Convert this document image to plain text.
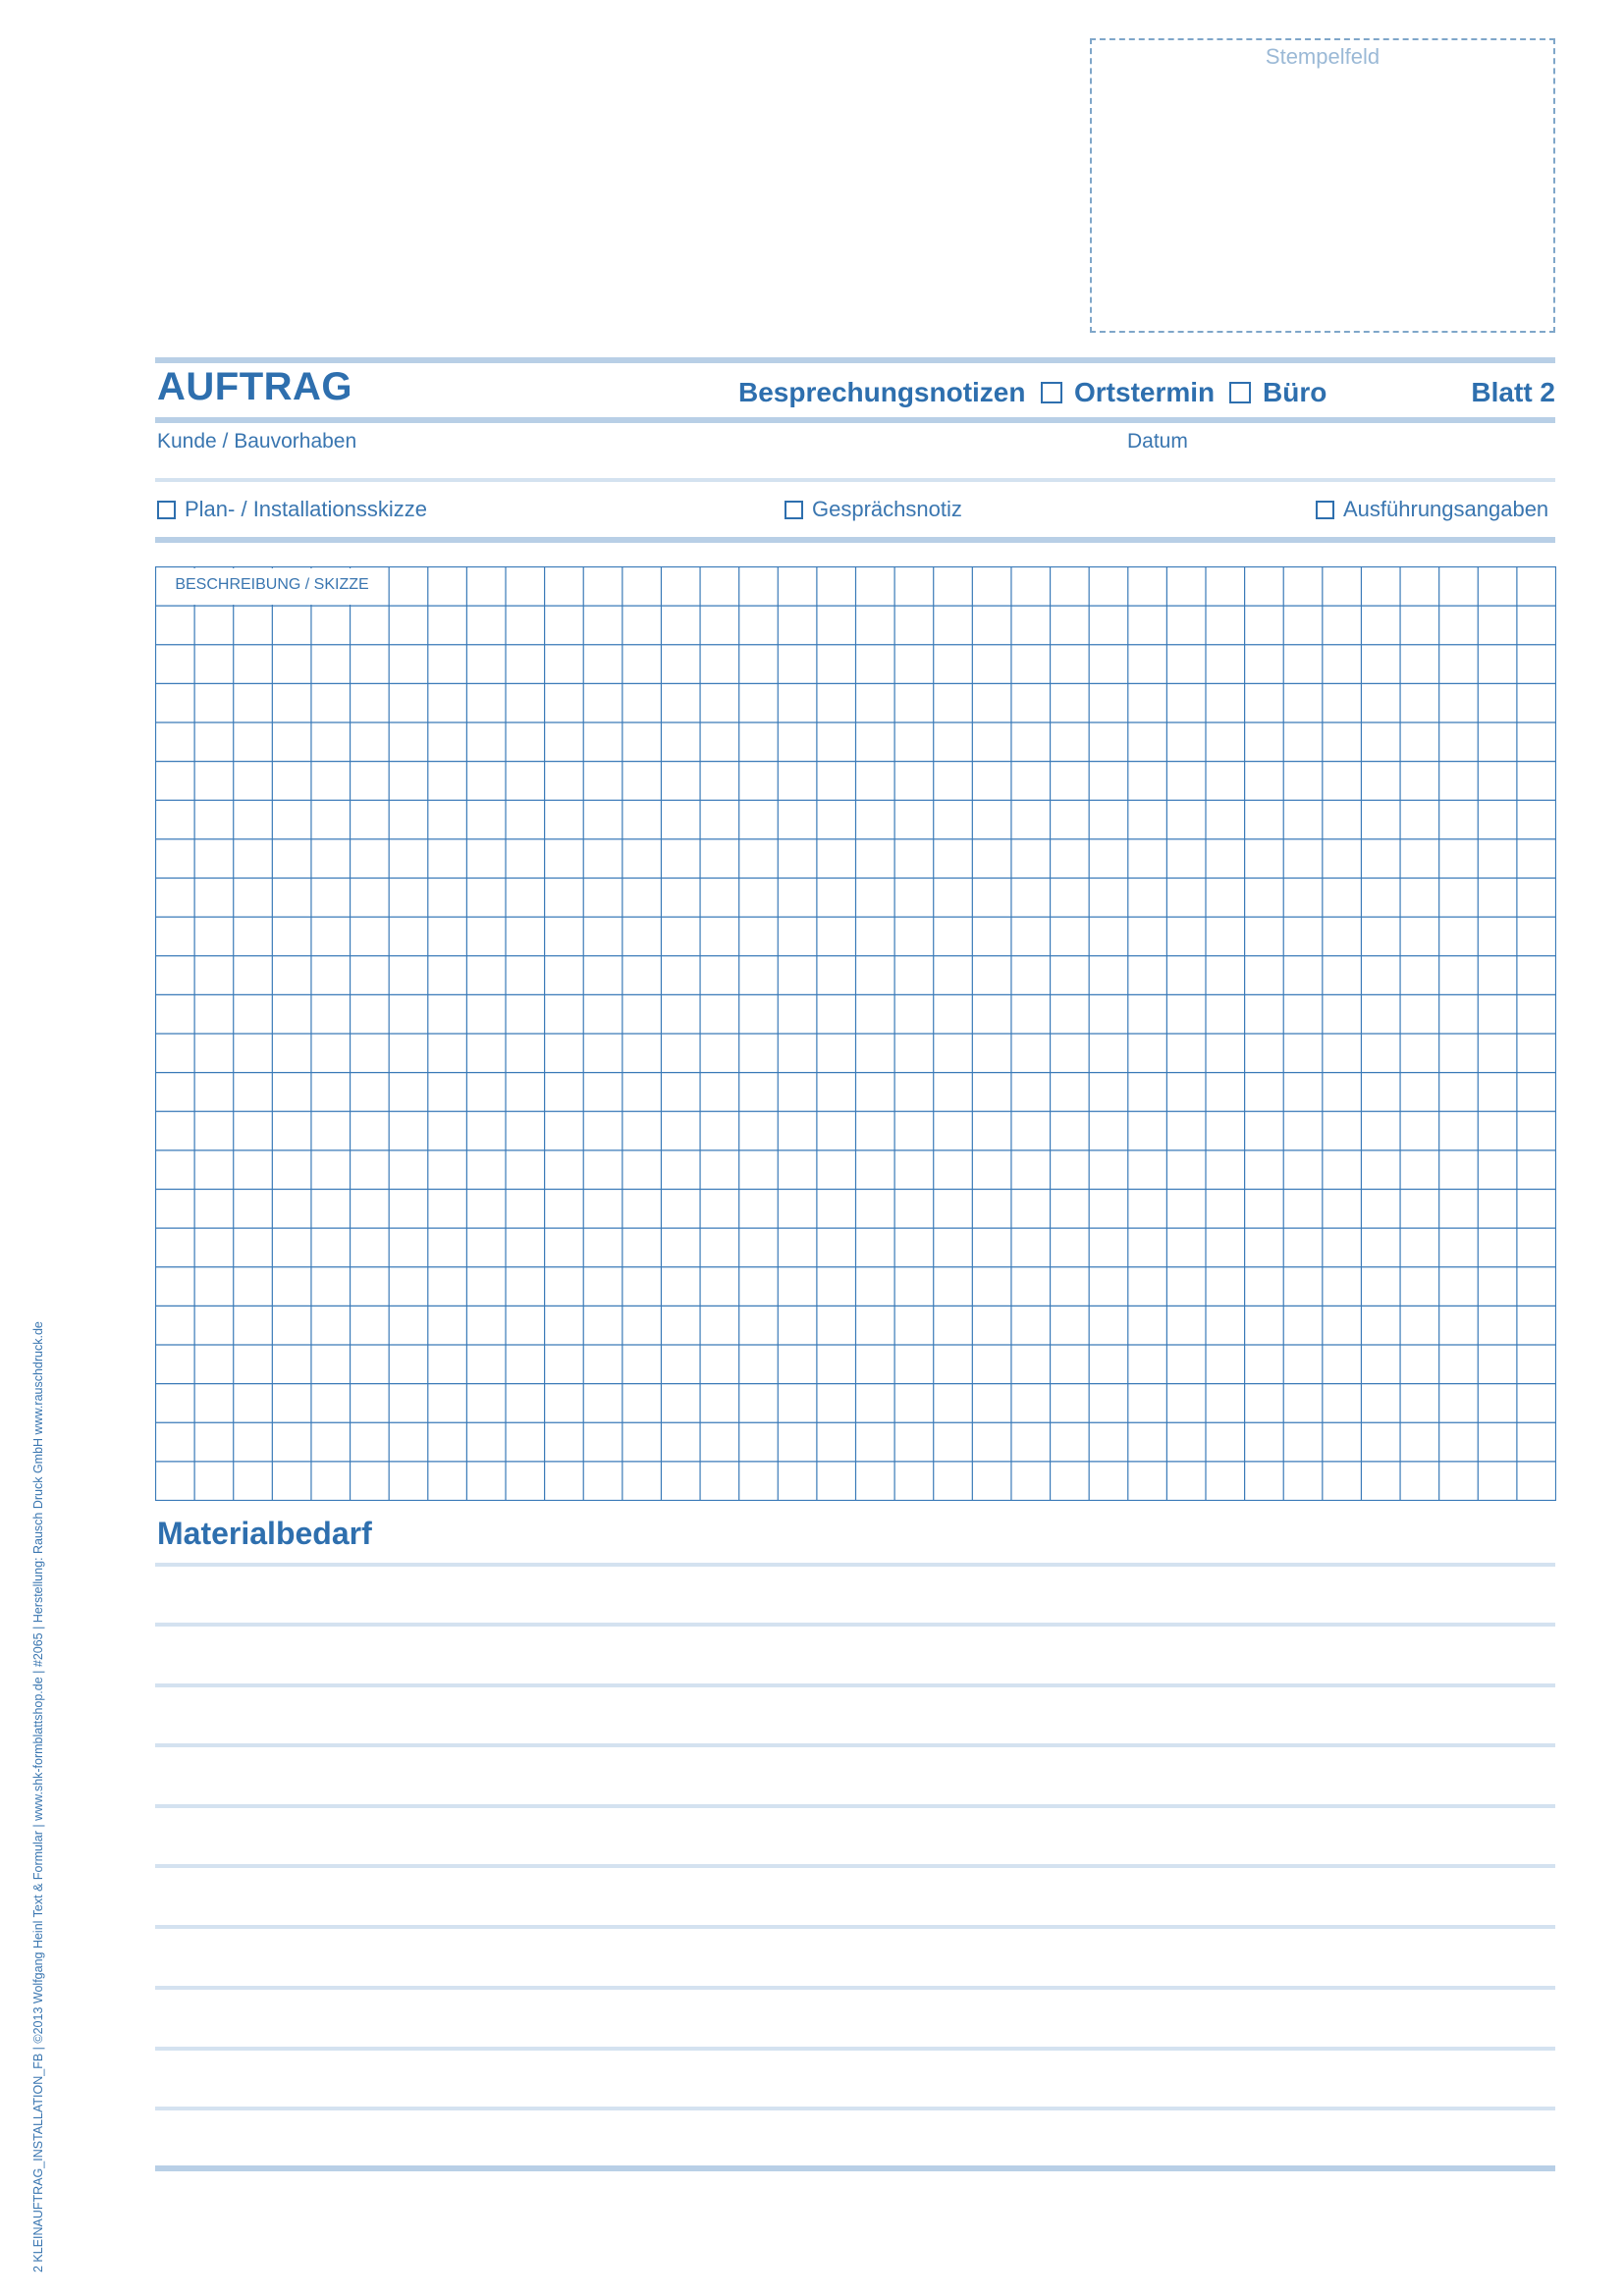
Stempelfeld
AUFTRAG	Besprechungsnotizen Ortstermin Büro	Blatt 2
Kunde / Bauvorhaben	Datum
Plan- / Installationsskizze	Gesprächsnotiz	Ausführungsangaben
BESCHREIBUNG / SKIZZE
Materialbedarf
2 KLEINAUFTRAG_INSTALLATION_FB | ©2013 Wolfgang Heinl Text & Formular | www.shk-formblattshop.de | #2065 | Herstellung: Rausch Druck GmbH www.rauschdruck.de
